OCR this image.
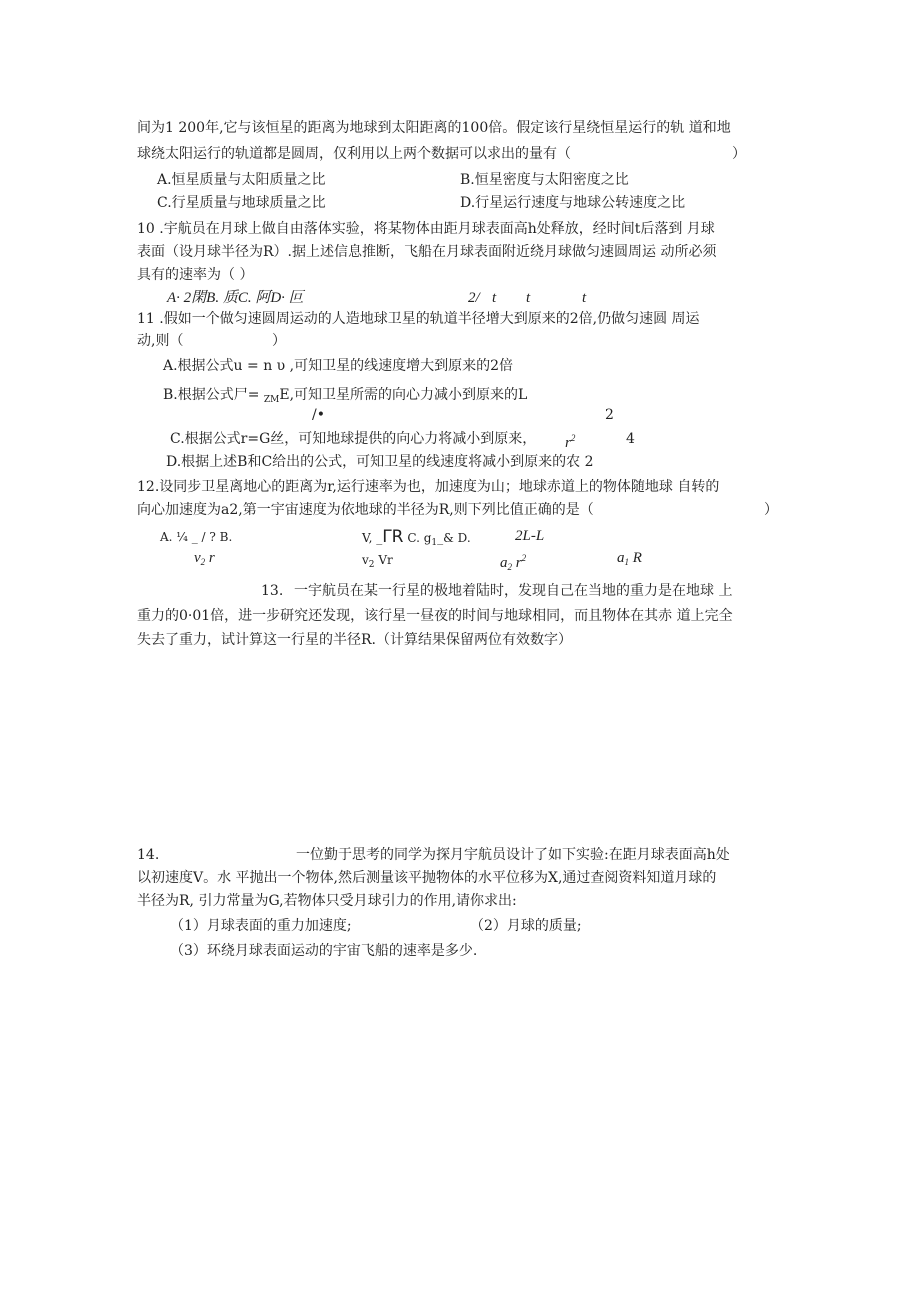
间为1 200年,它与该恒星的距离为地球到太阳距离的100倍。假定该行星绕恒星运行的轨 道和地
球绕太阳运行的轨道都是圆周，仅利用以上两个数据可以求出的量有（	）
A.恒星质量与太阳质量之比	B.恒星密度与太阳密度之比
C.行星质量与地球质量之比	D.行星运行速度与地球公转速度之比
10 .宇航员在月球上做自由落体实验，将某物体由距月球表面高h处释放，经时间t后落到 月球
表面（设月球半径为R）.据上述信息推断，飞船在月球表面附近绕月球做匀速圆周运 动所必须
具有的速率为（ ）
A· 2閑B. 质C. 阿D· 叵	2/ t t	t
11 .假如一个做匀速圆周运动的人造地球卫星的轨道半径增大到原来的2倍,仍做匀速圆 周运
动,则（	）
A.根据公式u = n υ ,可知卫星的线速度增大到原来的2倍
B.根据公式尸= $_{ZM}$E,可知卫星所需的向心力减小到原来的L
/•	2
C.根据公式r=G丝，可知地球提供的向心力将减小到原来， $r^2$	4
D.根据上述B和C给出的公式，可知卫星的线速度将减小到原来的农 2
12.设同步卫星离地心的距离为r,运行速率为也，加速度为山；地球赤道上的物体随地球 自转的
向心加速度为a2,第一宇宙速度为依地球的半径为R,则下列比值正确的是（	）
A. ¼ _ / ? B.	V, _ΓR C. $g_1\_\&$ D.	2L-L
$v_2$ r	$v_2$ Vr	$a_2$ $r^2$	$a_1$ R
13. 一宇航员在某一行星的极地着陆时，发现自己在当地的重力是在地球 上
重力的0·01倍，进一步研究还发现，该行星一昼夜的时间与地球相同，而且物体在其赤 道上完全
失去了重力，试计算这一行星的半径R.（计算结果保留两位有效数字）
14.	一位勤于思考的同学为探月宇航员设计了如下实验:在距月球表面高h处
以初速度V。水 平抛出一个物体,然后测量该平抛物体的水平位移为X,通过查阅资料知道月球的
半径为R, 引力常量为G,若物体只受月球引力的作用,请你求出:
（1）月球表面的重力加速度;	（2）月球的质量;
（3）环绕月球表面运动的宇宙飞船的速率是多少.
